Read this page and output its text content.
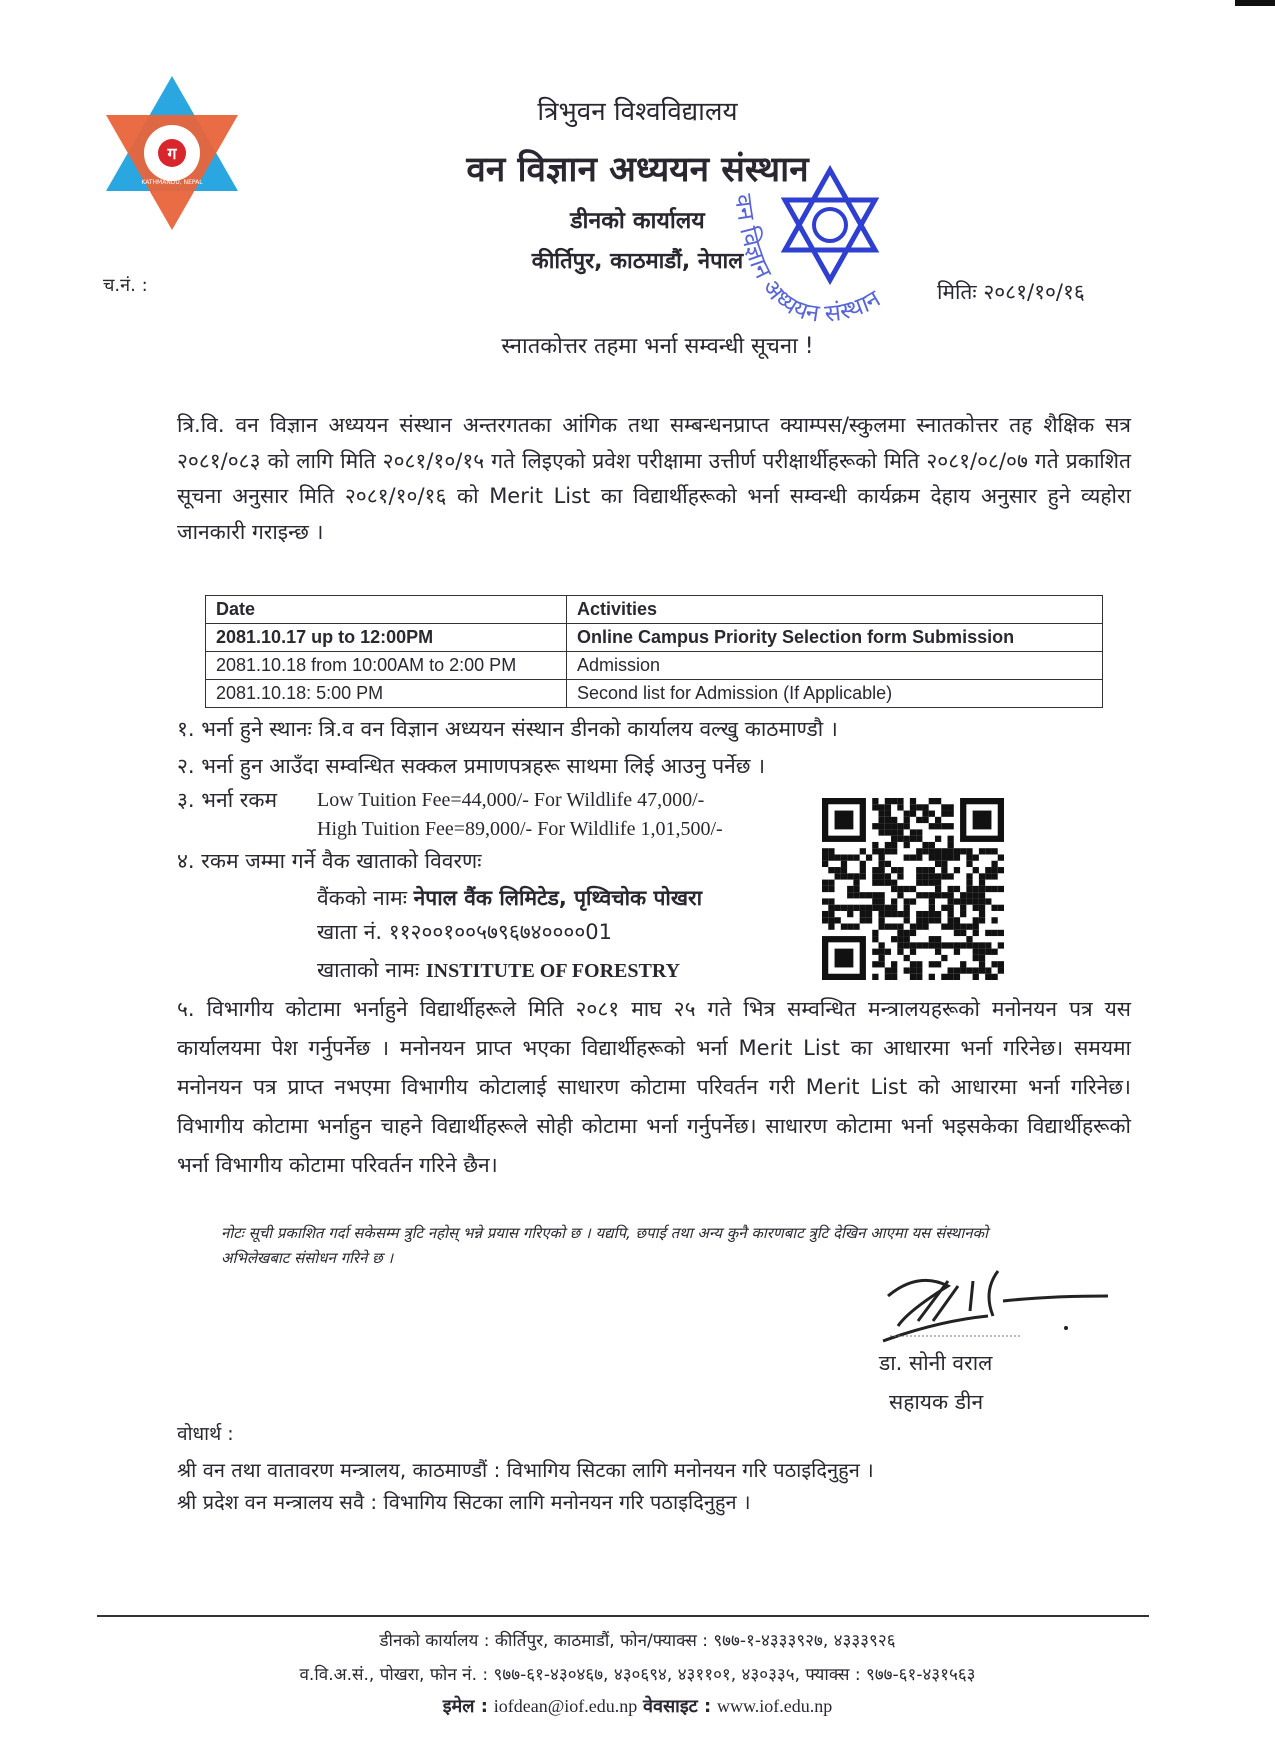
ग
KATHMANDU, NEPAL
त्रिभुवन विश्वविद्यालय
वन विज्ञान अध्ययन संस्थान
डीनको कार्यालय
कीर्तिपुर, काठमाडौं, नेपाल
वन विज्ञान अध्ययन संस्थान
च.नं. :	मितिः २०८१/१०/१६
स्नातकोत्तर तहमा भर्ना सम्वन्धी सूचना !
त्रि.वि. वन विज्ञान अध्ययन संस्थान अन्तरगतका आंगिक तथा सम्बन्धनप्राप्त क्याम्पस/स्कुलमा स्नातकोत्तर तह शैक्षिक सत्र २०८१/०८३ को लागि मिति २०८१/१०/१५ गते लिइएको प्रवेश परीक्षामा उत्तीर्ण परीक्षार्थीहरूको मिति २०८१/०८/०७ गते प्रकाशित सूचना अनुसार मिति २०८१/१०/१६ को Merit List का विद्यार्थीहरूको भर्ना सम्वन्धी कार्यक्रम देहाय अनुसार हुने व्यहोरा जानकारी गराइन्छ ।
Date	Activities
2081.10.17 up to 12:00PM	Online Campus Priority Selection form Submission
2081.10.18 from 10:00AM to 2:00 PM	Admission
2081.10.18: 5:00 PM	Second list for Admission (If Applicable)
१. भर्ना हुने स्थानः त्रि.व वन विज्ञान अध्ययन संस्थान डीनको कार्यालय वल्खु काठमाण्डौ ।
२. भर्ना हुन आउँदा सम्वन्धित सक्कल प्रमाणपत्रहरू साथमा लिई आउनु पर्नेछ ।
३. भर्ना रकम Low Tuition Fee=44,000/- For Wildlife 47,000/-
High Tuition Fee=89,000/- For Wildlife 1,01,500/-
४. रकम जम्मा गर्ने वैक खाताको विवरणः
वैंकको नामः नेपाल वैंक लिमिटेड, पृथ्विचोक पोखरा
खाता नं. ११२००१००५७९६७४००००01
खाताको नामः INSTITUTE OF FORESTRY
५. विभागीय कोटामा भर्नाहुने विद्यार्थीहरूले मिति २०८१ माघ २५ गते भित्र सम्वन्धित मन्त्रालयहरूको मनोनयन पत्र यस कार्यालयमा पेश गर्नुपर्नेछ । मनोनयन प्राप्त भएका विद्यार्थीहरूको भर्ना Merit List का आधारमा भर्ना गरिनेछ। समयमा मनोनयन पत्र प्राप्त नभएमा विभागीय कोटालाई साधारण कोटामा परिवर्तन गरी Merit List को आधारमा भर्ना गरिनेछ। विभागीय कोटामा भर्नाहुन चाहने विद्यार्थीहरूले सोही कोटामा भर्ना गर्नुपर्नेछ। साधारण कोटामा भर्ना भइसकेका विद्यार्थीहरूको भर्ना विभागीय कोटामा परिवर्तन गरिने छैन।
नोटः सूची प्रकाशित गर्दा सकेसम्म त्रुटि नहोस् भन्ने प्रयास गरिएको छ । यद्यपि, छपाई तथा अन्य कुनै कारणबाट त्रुटि देखिन आएमा यस संस्थानको अभिलेखबाट संसोधन गरिने छ ।
डा. सोनी वराल
सहायक डीन
वोधार्थ :
श्री वन तथा वातावरण मन्त्रालय, काठमाण्डौं : विभागिय सिटका लागि मनोनयन गरि पठाइदिनुहुन ।
श्री प्रदेश वन मन्त्रालय सवै : विभागिय सिटका लागि मनोनयन गरि पठाइदिनुहुन ।
डीनको कार्यालय : कीर्तिपुर, काठमाडौं, फोन/फ्याक्स : ९७७-१-४३३३९२७, ४३३३९२६
व.वि.अ.सं., पोखरा, फोन नं. : ९७७-६१-४३०४६७, ४३०६९४, ४३११०१, ४३०३३५, फ्याक्स : ९७७-६१-४३१५६३
इमेल : iofdean@iof.edu.np वेवसाइट : www.iof.edu.np
